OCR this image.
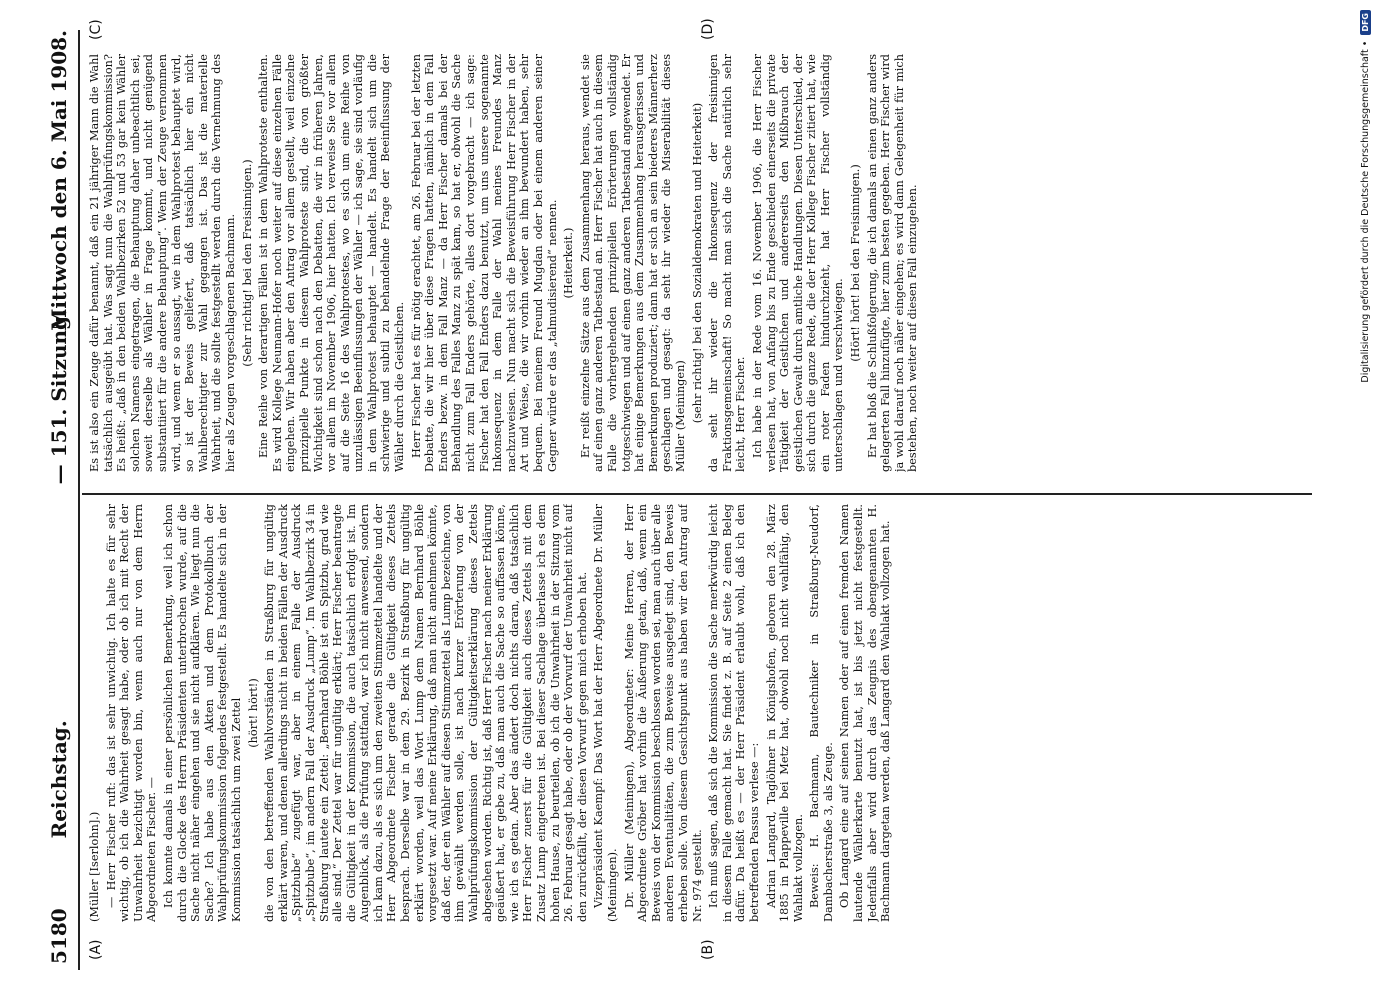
5180
Reichstag.
— 151. Sitzung.
Mittwoch den 6. Mai 1908.
(A)	(B)
(C)	(D)

(Müller [Iserlohn].) — Herr Fischer ruft: das ist sehr unwichtig. Ich halte es für sehr wichtig, ob ich die Wahrheit gesagt habe, oder ob ich mit Recht der Unwahrheit bezichtigt worden bin, wenn auch nur von dem Herrn Abgeordneten Fischer. — Ich konnte damals in einer persönlichen Bemerkung, weil ich schon durch die Glocke des Herrn Präsidenten unterbrochen wurde, auf die Sache nicht näher eingehen und sie nicht aufklären. Wie liegt nun die Sache? Ich habe aus den Akten und dem Protokollbuch der Wahlprüfungskommission folgendes festgestellt. Es handelte sich in der Kommission tatsächlich um zwei Zettel (hört! hört!) die von den betreffenden Wahlvorständen in Straßburg für ungültig erklärt waren, und denen allerdings nicht in beiden Fällen der Ausdruck „Spitzbube“ zugefügt war, aber in einem Falle der Ausdruck „Spitzbube“, im andern Fall der Ausdruck „Lump“. Im Wahlbezirk 34 in Straßburg lautete ein Zettel: „Bernhard Böhle ist ein Spitzbu, grad wie alle sind.“ Der Zettel war für ungültig erklärt; Herr Fischer beantragte die Gültigkeit in der Kommission, die auch tatsächlich erfolgt ist. Im Augenblick, als die Prüfung stattfand, war ich nicht anwesend, sondern ich kam dazu, als es sich um den zweiten Stimmzettel handelte und der Herr Abgeordnete Fischer gerade die Gültigkeit dieses Zettels besprach. Derselbe war in dem 29. Bezirk in Straßburg für ungültig erklärt worden, weil das Wort Lump dem Namen Bernhard Böhle vorgesetzt war. Auf meine Erklärung, daß man nicht annehmen könnte, daß der, der ein Wähler auf diesen Stimmzettel als Lump bezeichne, von ihm gewählt werden solle, ist nach kurzer Erörterung von der Wahlprüfungskommission der Gültigkeitserklärung dieses Zettels abgesehen worden. Richtig ist, daß Herr Fischer nach meiner Erklärung geäußert hat, er gebe zu, daß man auch die Sache so auffassen könne, wie ich es getan. Aber das ändert doch nichts daran, daß tatsächlich Herr Fischer zuerst für die Gültigkeit auch dieses Zettels mit dem Zusatz Lump eingetreten ist. Bei dieser Sachlage überlasse ich es dem hohen Hause, zu beurteilen, ob ich die Unwahrheit in der Sitzung vom 26. Februar gesagt habe, oder ob der Vorwurf der Unwahrheit nicht auf den zurückfällt, der diesen Vorwurf gegen mich erhoben hat. Vizepräsident Kaempf: Das Wort hat der Herr Abgeordnete Dr. Müller (Meiningen). Dr. Müller (Meiningen), Abgeordneter: Meine Herren, der Herr Abgeordnete Gröber hat vorhin die Äußerung getan, daß, wenn ein Beweis von der Kommission beschlossen worden sei, man auch über alle anderen Eventualitäten, die zum Beweise ausgelegt sind, den Beweis erheben solle. Von diesem Gesichtspunkt aus haben wir den Antrag auf Nr. 974 gestellt. Ich muß sagen, daß sich die Kommission die Sache merkwürdig leicht in diesem Falle gemacht hat. Sie findet z. B. auf Seite 2 einen Beleg dafür. Da heißt es — der Herr Präsident erlaubt wohl, daß ich den betreffenden Passus verlese —: Adrian Langard, Taglöhner in Königshofen, geboren den 28. März 1885 in Plappeville bei Metz hat, obwohl noch nicht wahlfähig, den Wahlakt vollzogen. Beweis: H. Bachmann, Bautechniker in Straßburg-Neudorf, Dambacherstraße 3, als Zeuge. Ob Langard eine auf seinen Namen oder auf einen fremden Namen lautende Wählerkarte benutzt hat, ist bis jetzt nicht festgestellt. Jedenfalls aber wird durch das Zeugnis des obengenannten H. Bachmann dargetan werden, daß Langard den Wahlakt vollzogen hat.

Es ist also ein Zeuge dafür benannt, daß ein 21 jähriger Mann die Wahl tatsächlich ausgeübt hat. Was sagt nun die Wahlprüfungskommission? Es heißt: „daß in den beiden Wahlbezirken 52 und 53 gar kein Wähler solchen Namens eingetragen, die Behauptung daher unbeachtlich sei, soweit derselbe als Wähler in Frage kommt, und nicht genügend substantiiert für die andere Behauptung“. Wenn der Zeuge vernommen wird, und wenn er so aussagt, wie in dem Wahlprotest behauptet wird, so ist der Beweis geliefert, daß tatsächlich hier ein nicht Wahlberechtigter zur Wahl gegangen ist. Das ist die materielle Wahrheit, und die sollte festgestellt werden durch die Vernehmung des hier als Zeugen vorgeschlagenen Bachmann. (Sehr richtig! bei den Freisinnigen.) Eine Reihe von derartigen Fällen ist in dem Wahlproteste enthalten. Es wird Kollege Neumann-Hofer noch weiter auf diese einzelnen Fälle eingehen. Wir haben aber den Antrag vor allem gestellt, weil einzelne prinzipielle Punkte in diesem Wahlproteste sind, die von größter Wichtigkeit sind schon nach den Debatten, die wir in früheren Jahren, vor allem im November 1906, hier hatten. Ich verweise Sie vor allem auf die Seite 16 des Wahlprotestes, wo es sich um eine Reihe von unzulässigen Beeinflussungen der Wähler — ich sage, sie sind vorläufig in dem Wahlprotest behauptet — handelt. Es handelt sich um die schwierige und subtil zu behandelnde Frage der Beeinflussung der Wähler durch die Geistlichen. Herr Fischer hat es für nötig erachtet, am 26. Februar bei der letzten Debatte, die wir hier über diese Fragen hatten, nämlich in dem Fall Enders bezw. in dem Fall Manz — da Herr Fischer damals bei der Behandlung des Falles Manz zu spät kam, so hat er, obwohl die Sache nicht zum Fall Enders gehörte, alles dort vorgebracht — ich sage: Fischer hat den Fall Enders dazu benutzt, um uns unsere sogenannte Inkonsequenz in dem Falle der Wahl meines Freundes Manz nachzuweisen. Nun macht sich die Beweisführung Herr Fischer in der Art und Weise, die wir vorhin wieder an ihm bewundert haben, sehr bequem. Bei meinem Freund Mugdan oder bei einem anderen seiner Gegner würde er das „talmudisierend“ nennen. (Heiterkeit.) Er reißt einzelne Sätze aus dem Zusammenhang heraus, wendet sie auf einen ganz anderen Tatbestand an. Herr Fischer hat auch in diesem Falle die vorhergehenden prinzipiellen Erörterungen vollständig totgeschwiegen und auf einen ganz anderen Tatbestand angewendet. Er hat einige Bemerkungen aus dem Zusammenhang herausgerissen und Bemerkungen produziert; dann hat er sich an sein biederes Männerherz geschlagen und gesagt: da seht ihr wieder die Miserabilität dieses Müller (Meiningen) (sehr richtig! bei den Sozialdemokraten und Heiterkeit) da seht ihr wieder die Inkonsequenz der freisinnigen Fraktionsgemeinschaft! So macht man sich die Sache natürlich sehr leicht, Herr Fischer. Ich habe in der Rede vom 16. November 1906, die Herr Fischer verlesen hat, von Anfang bis zu Ende geschieden einerseits die private Tätigkeit der Geistlichen und andererseits den Mißbrauch der geistlichen Gewalt durch amtliche Handlungen. Diesen Unterschied, der sich durch die ganze Rede, die der Herr Kollege Fischer zitiert hat, wie ein roter Faden hindurchzieht, hat Herr Fischer vollständig unterschlagen und verschwiegen.

(Hört! hört! bei den Freisinnigen.) Er hat bloß die Schlußfolgerung, die ich damals an einen ganz anders gelagerten Fall hinzufügte, hier zum besten gegeben. Herr Fischer wird ja wohl darauf noch näher eingehen; es wird dann Gelegenheit für mich bestehen, noch weiter auf diesen Fall einzugehen.	Digitalisierung gefördert durch die Deutsche Forschungsgemeinschaft •
DFG
